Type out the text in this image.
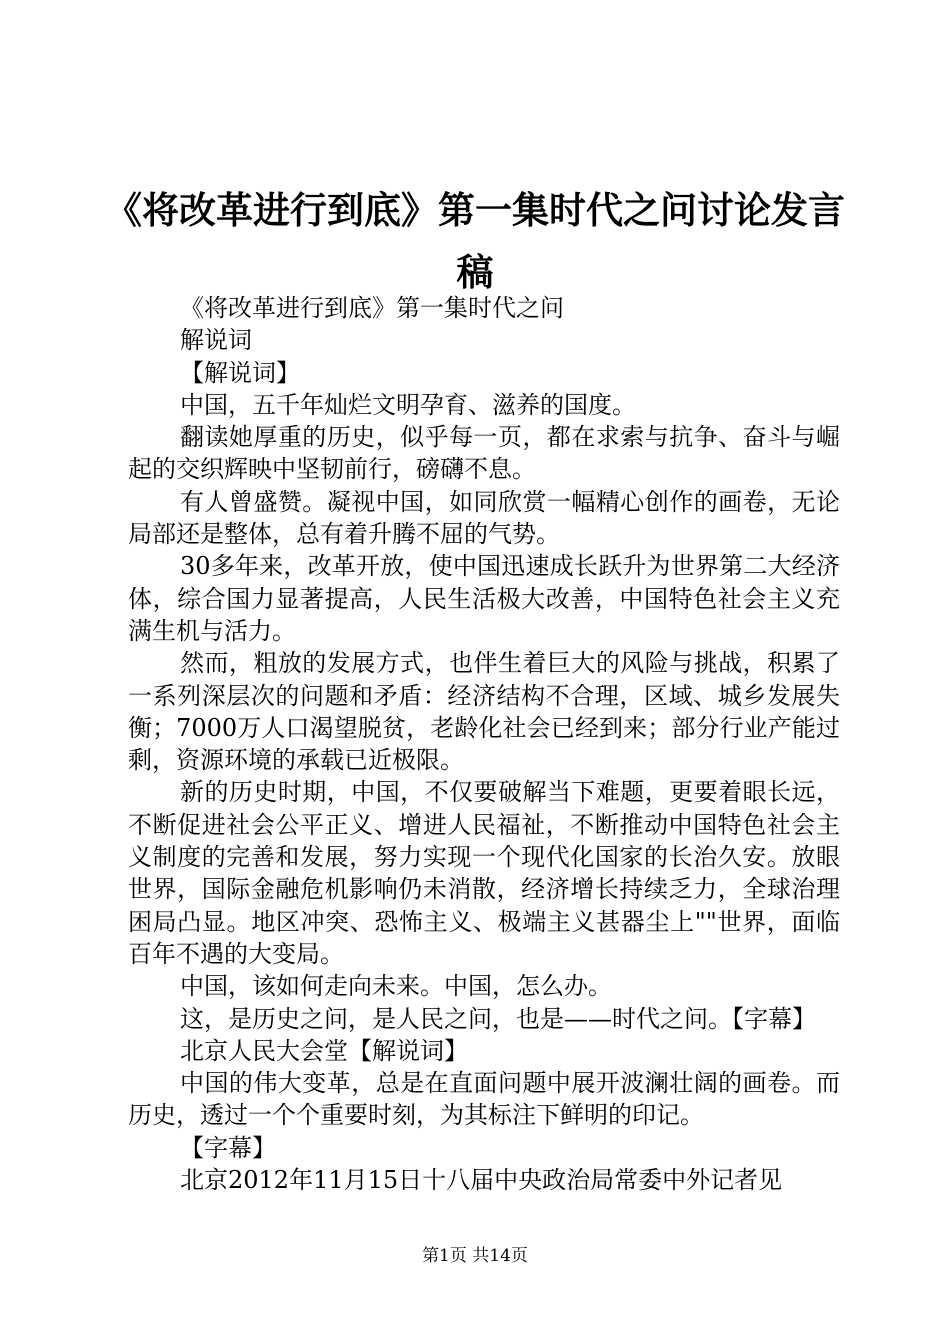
《将改革进行到底》第一集时代之问讨论发言稿

《将改革进行到底》第一集时代之问

解说词

【解说词】

中国，五千年灿烂文明孕育、滋养的国度。

翻读她厚重的历史，似乎每一页，都在求索与抗争、奋斗与崛起的交织辉映中坚韧前行，磅礴不息。

有人曾盛赞。凝视中国，如同欣赏一幅精心创作的画卷，无论局部还是整体，总有着升腾不屈的气势。

30多年来，改革开放，使中国迅速成长跃升为世界第二大经济体，综合国力显著提高，人民生活极大改善，中国特色社会主义充满生机与活力。

然而，粗放的发展方式，也伴生着巨大的风险与挑战，积累了一系列深层次的问题和矛盾：经济结构不合理，区域、城乡发展失衡；7000万人口渴望脱贫，老龄化社会已经到来；部分行业产能过剩，资源环境的承载已近极限。

新的历史时期，中国，不仅要破解当下难题，更要着眼长远，不断促进社会公平正义、增进人民福祉，不断推动中国特色社会主义制度的完善和发展，努力实现一个现代化国家的长治久安。放眼世界，国际金融危机影响仍未消散，经济增长持续乏力，全球治理困局凸显。地区冲突、恐怖主义、极端主义甚器尘上""世界，面临百年不遇的大变局。

中国，该如何走向未来。中国，怎么办。

这，是历史之问，是人民之问，也是——时代之问。【字幕】

北京人民大会堂【解说词】

中国的伟大变革，总是在直面问题中展开波澜壮阔的画卷。而历史，透过一个个重要时刻，为其标注下鲜明的印记。

【字幕】

北京2012年11月15日十八届中央政治局常委中外记者见

第1页 共14页
